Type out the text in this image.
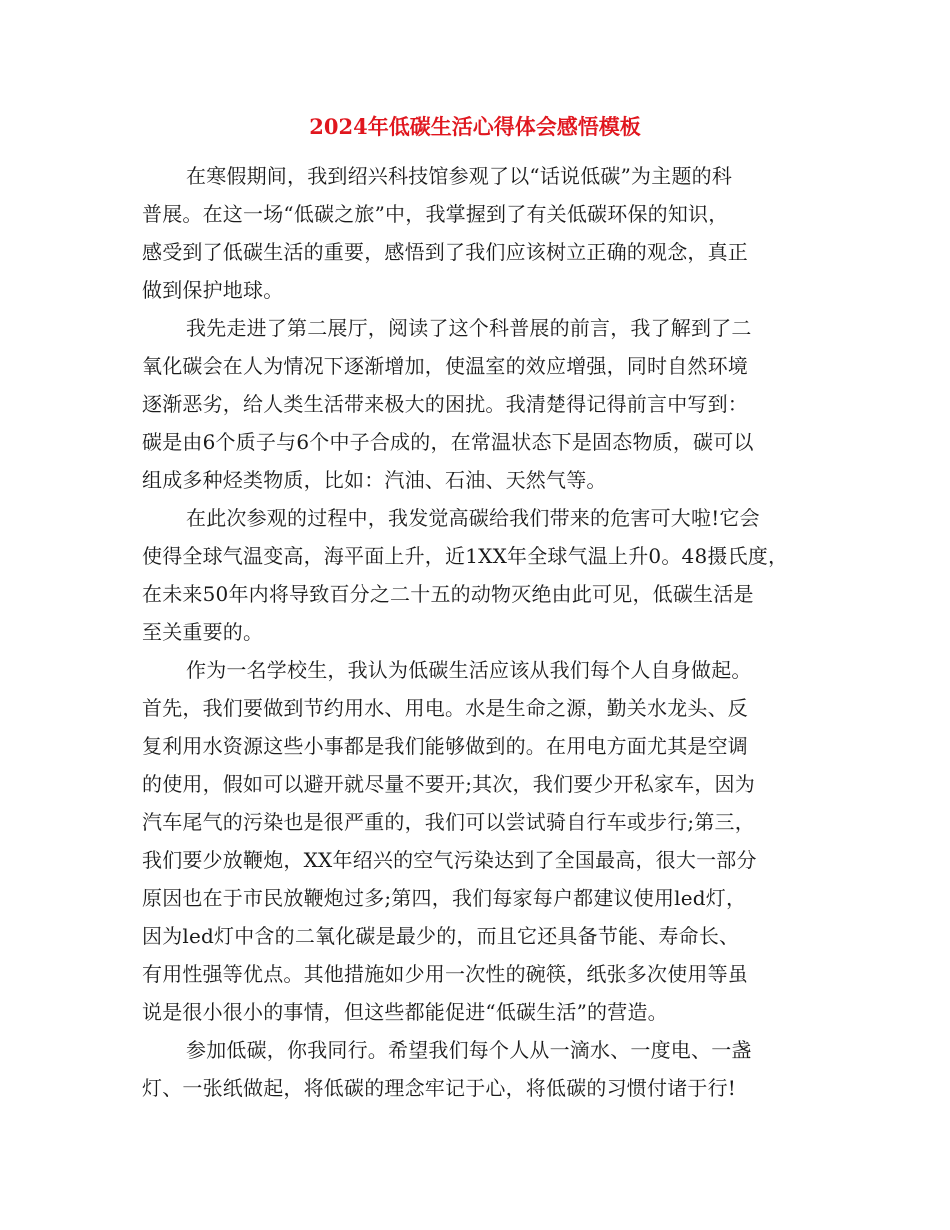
2024年低碳生活心得体会感悟模板
在寒假期间，我到绍兴科技馆参观了以“话说低碳”为主题的科
普展。在这一场“低碳之旅”中，我掌握到了有关低碳环保的知识，
感受到了低碳生活的重要，感悟到了我们应该树立正确的观念，真正
做到保护地球。
我先走进了第二展厅，阅读了这个科普展的前言，我了解到了二
氧化碳会在人为情况下逐渐增加，使温室的效应增强，同时自然环境
逐渐恶劣，给人类生活带来极大的困扰。我清楚得记得前言中写到：
碳是由6个质子与6个中子合成的，在常温状态下是固态物质，碳可以
组成多种烃类物质，比如：汽油、石油、天然气等。
在此次参观的过程中，我发觉高碳给我们带来的危害可大啦!它会
使得全球气温变高，海平面上升，近1XX年全球气温上升0。48摄氏度，
在未来50年内将导致百分之二十五的动物灭绝由此可见，低碳生活是
至关重要的。
作为一名学校生，我认为低碳生活应该从我们每个人自身做起。
首先，我们要做到节约用水、用电。水是生命之源，勤关水龙头、反
复利用水资源这些小事都是我们能够做到的。在用电方面尤其是空调
的使用，假如可以避开就尽量不要开;其次，我们要少开私家车，因为
汽车尾气的污染也是很严重的，我们可以尝试骑自行车或步行;第三，
我们要少放鞭炮，XX年绍兴的空气污染达到了全国最高，很大一部分
原因也在于市民放鞭炮过多;第四，我们每家每户都建议使用led灯，
因为led灯中含的二氧化碳是最少的，而且它还具备节能、寿命长、
有用性强等优点。其他措施如少用一次性的碗筷，纸张多次使用等虽
说是很小很小的事情，但这些都能促进“低碳生活”的营造。
参加低碳，你我同行。希望我们每个人从一滴水、一度电、一盏
灯、一张纸做起，将低碳的理念牢记于心，将低碳的习惯付诸于行!
